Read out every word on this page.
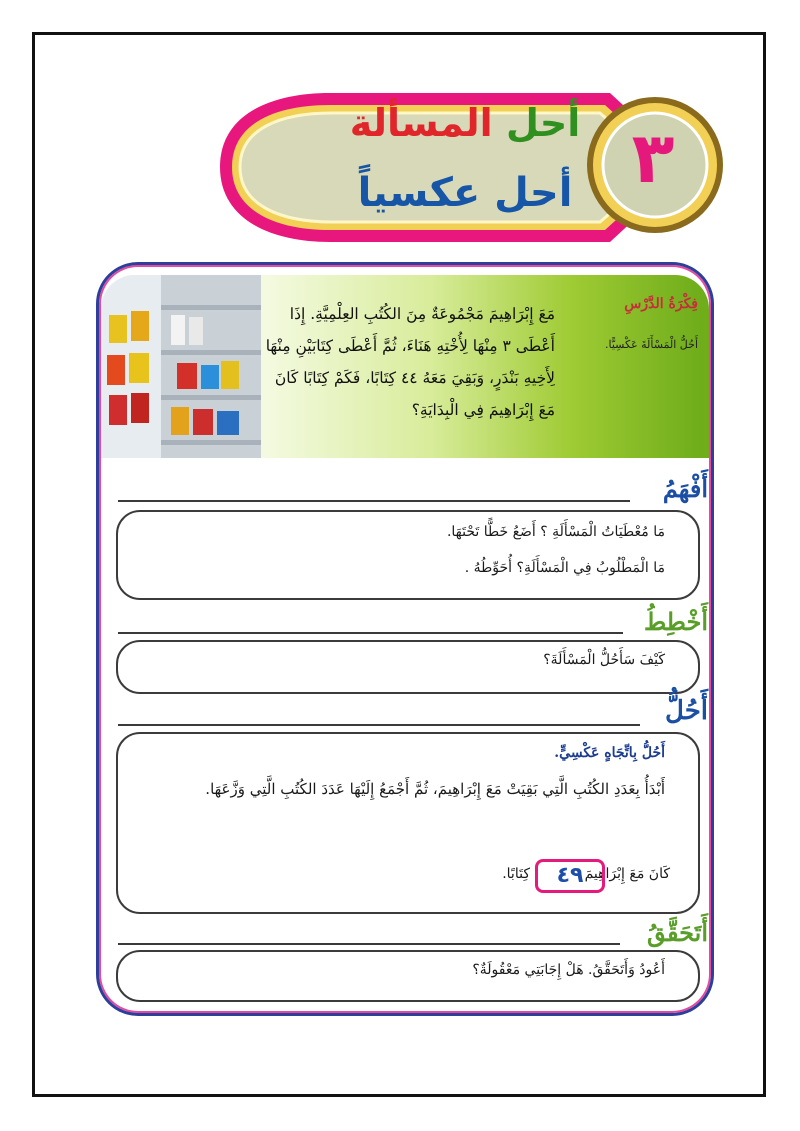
٣
أحل المسألة
أحل عكسياً
فِكْرَةُ الدَّرْسِ
أَحُلُّ الْمَسْأَلَةَ عَكْسِيًّا.
مَعَ إِبْرَاهِيمَ مَجْمُوعَةٌ مِنَ الكُتُبِ العِلْمِيَّةِ. إِذَا أَعْطَى ٣ مِنْهَا لِأُخْتِهِ هَنَاءَ، ثُمَّ أَعْطَى كِتَابَيْنِ مِنْهَا لِأَخِيهِ بَنْدَرٍ، وَبَقِيَ مَعَهُ ٤٤ كِتَابًا، فَكَمْ كِتَابًا كَانَ مَعَ إِبْرَاهِيمَ فِي الْبِدَايَةِ؟
أَفْهَمُ
مَا مُعْطَيَاتُ الْمَسْأَلَةِ ؟ أَضَعُ خَطًّا تَحْتَهَا.
مَا الْمَطْلُوبُ فِي الْمَسْأَلَةِ؟ أُحَوِّطُهُ .
أَخْطِطُ
كَيْفَ سَأَحُلُّ الْمَسْأَلَةَ؟
أَحُلُّ
أَحُلُّ بِاتِّجَاهٍ عَكْسِيٍّ.
أَبْدَأُ بِعَدَدِ الكُتُبِ الَّتِي بَقِيَتْ مَعَ إِبْرَاهِيمَ، ثُمَّ أَجْمَعُ إِلَيْهَا عَدَدَ الكُتُبِ الَّتِي وَزَّعَهَا.
كَانَ مَعَ إِبْرَاهِيمَ
٤٩
كِتَابًا.
أَتَحَقَّقُ
أَعُودُ وَأَتَحَقَّقُ. هَلْ إِجَابَتِي مَعْقُولَةٌ؟
